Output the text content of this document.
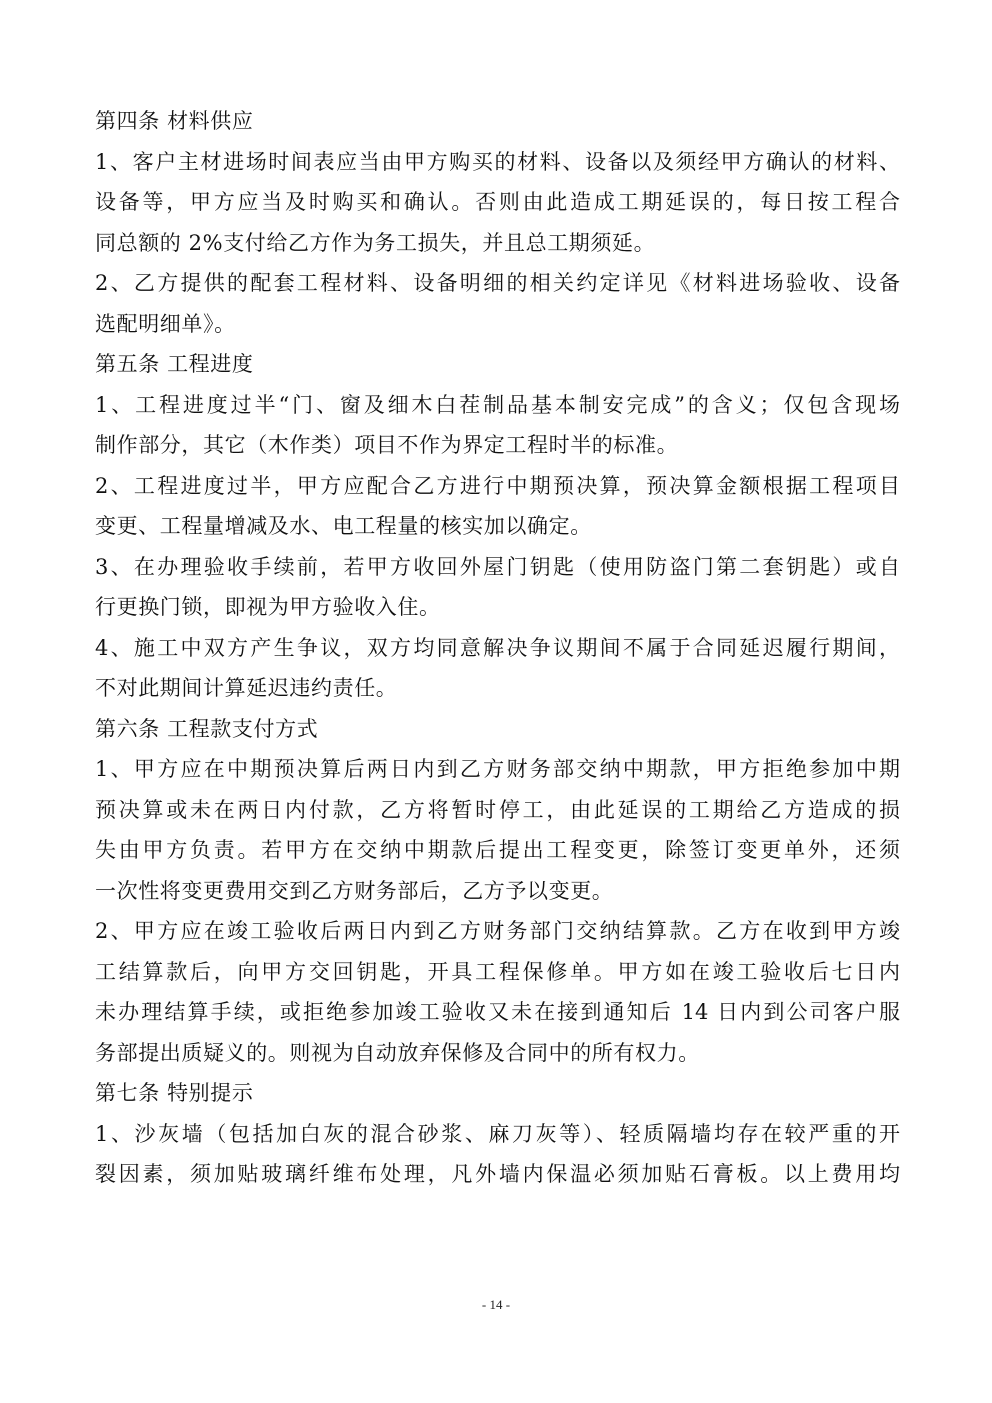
第四条 材料供应
1、客户主材进场时间表应当由甲方购买的材料、设备以及须经甲方确认的材料、
设备等，甲方应当及时购买和确认。否则由此造成工期延误的，每日按工程合
同总额的 2%支付给乙方作为务工损失，并且总工期须延。
2、乙方提供的配套工程材料、设备明细的相关约定详见《材料进场验收、设备
选配明细单》。
第五条 工程进度
1、工程进度过半“门、窗及细木白茬制品基本制安完成”的含义；仅包含现场
制作部分，其它（木作类）项目不作为界定工程时半的标准。
2、工程进度过半，甲方应配合乙方进行中期预决算，预决算金额根据工程项目
变更、工程量增减及水、电工程量的核实加以确定。
3、在办理验收手续前，若甲方收回外屋门钥匙（使用防盗门第二套钥匙）或自
行更换门锁，即视为甲方验收入住。
4、施工中双方产生争议，双方均同意解决争议期间不属于合同延迟履行期间，
不对此期间计算延迟违约责任。
第六条 工程款支付方式
1、甲方应在中期预决算后两日内到乙方财务部交纳中期款，甲方拒绝参加中期
预决算或未在两日内付款，乙方将暂时停工，由此延误的工期给乙方造成的损
失由甲方负责。若甲方在交纳中期款后提出工程变更，除签订变更单外，还须
一次性将变更费用交到乙方财务部后，乙方予以变更。
2、甲方应在竣工验收后两日内到乙方财务部门交纳结算款。乙方在收到甲方竣
工结算款后，向甲方交回钥匙，开具工程保修单。甲方如在竣工验收后七日内
未办理结算手续，或拒绝参加竣工验收又未在接到通知后 14 日内到公司客户服
务部提出质疑义的。则视为自动放弃保修及合同中的所有权力。
第七条 特别提示
1、沙灰墙（包括加白灰的混合砂浆、麻刀灰等）、轻质隔墙均存在较严重的开
裂因素，须加贴玻璃纤维布处理，凡外墙内保温必须加贴石膏板。以上费用均
- 14 -
